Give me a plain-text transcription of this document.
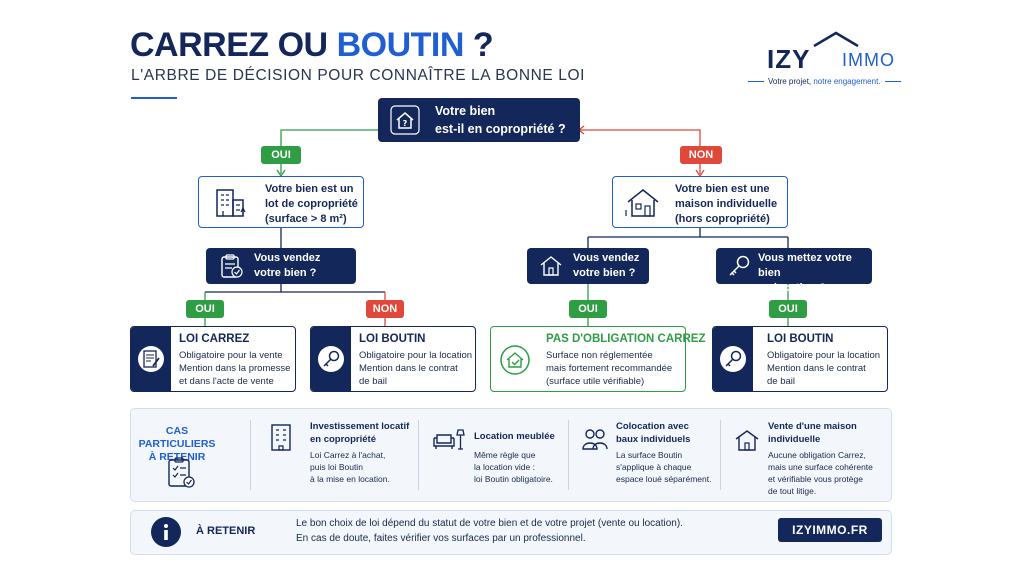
CARREZ OU BOUTIN ?
L'ARBRE DE DÉCISION POUR CONNAÎTRE LA BONNE LOI
IZY IMMO
Votre projet, notre engagement.
?
Votre bien
est-il en copropriété ?
OUI	NON
Votre bien est un
lot de copropriété
(surface > 8 m²)
Votre bien est une
maison individuelle
(hors copropriété)
Vous vendez
votre bien ?
Vous vendez
votre bien ?
Vous mettez votre bien
en location ?
OUI	NON	OUI	OUI
LOI CARREZ
Obligatoire pour la vente
Mention dans la promesse
et dans l'acte de vente
LOI BOUTIN
Obligatoire pour la location
Mention dans le contrat
de bail
PAS D'OBLIGATION CARREZ
Surface non réglementée
mais fortement recommandée
(surface utile vérifiable)
LOI BOUTIN
Obligatoire pour la location
Mention dans le contrat
de bail
CAS PARTICULIERS
À RETENIR
Investissement locatif
en copropriété
Loi Carrez à l'achat,
puis loi Boutin
à la mise en location.
Location meublée
Même règle que
la location vide :
loi Boutin obligatoire.
Colocation avec
baux individuels
La surface Boutin
s'applique à chaque
espace loué séparément.
Vente d'une maison
individuelle
Aucune obligation Carrez,
mais une surface cohérente
et vérifiable vous protège
de tout litige.
À RETENIR
Le bon choix de loi dépend du statut de votre bien et de votre projet (vente ou location).
En cas de doute, faites vérifier vos surfaces par un professionnel.
IZYIMMO.FR
